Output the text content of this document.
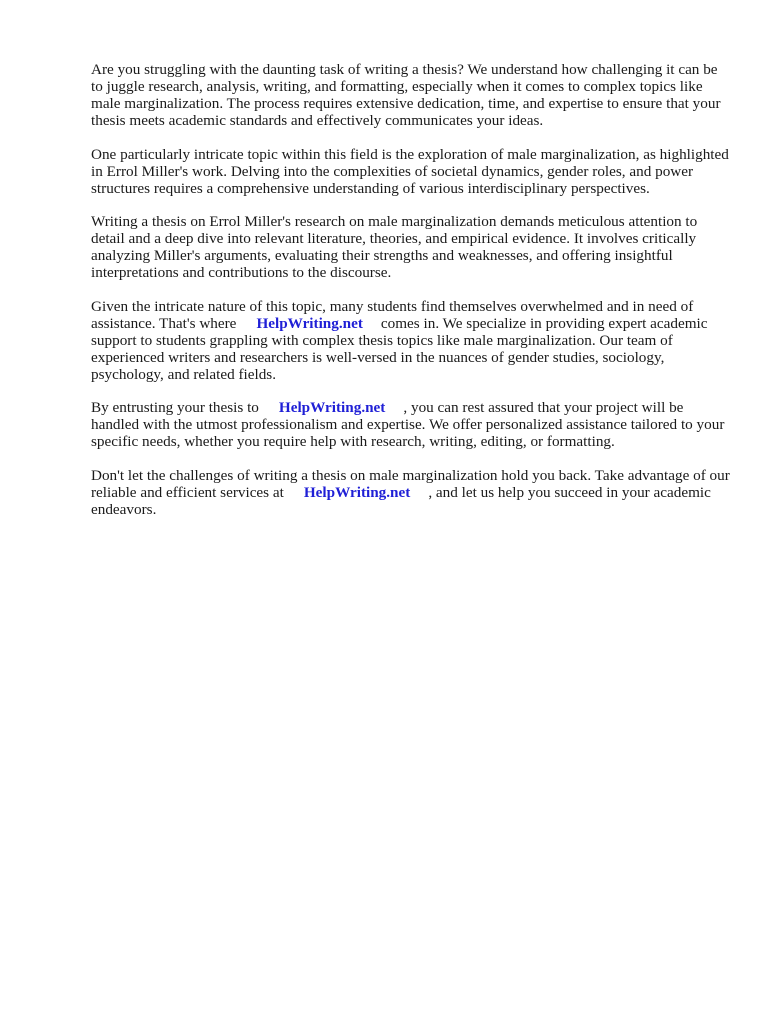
Are you struggling with the daunting task of writing a thesis? We understand how challenging it can be to juggle research, analysis, writing, and formatting, especially when it comes to complex topics like male marginalization. The process requires extensive dedication, time, and expertise to ensure that your thesis meets academic standards and effectively communicates your ideas.

One particularly intricate topic within this field is the exploration of male marginalization, as highlighted in Errol Miller's work. Delving into the complexities of societal dynamics, gender roles, and power structures requires a comprehensive understanding of various interdisciplinary perspectives.

Writing a thesis on Errol Miller's research on male marginalization demands meticulous attention to detail and a deep dive into relevant literature, theories, and empirical evidence. It involves critically analyzing Miller's arguments, evaluating their strengths and weaknesses, and offering insightful interpretations and contributions to the discourse.

Given the intricate nature of this topic, many students find themselves overwhelmed and in need of assistance. That's where HelpWriting.net comes in. We specialize in providing expert academic support to students grappling with complex thesis topics like male marginalization. Our team of experienced writers and researchers is well-versed in the nuances of gender studies, sociology, psychology, and related fields.

By entrusting your thesis to HelpWriting.net , you can rest assured that your project will be handled with the utmost professionalism and expertise. We offer personalized assistance tailored to your specific needs, whether you require help with research, writing, editing, or formatting.

Don't let the challenges of writing a thesis on male marginalization hold you back. Take advantage of our reliable and efficient services at HelpWriting.net , and let us help you succeed in your academic endeavors.
